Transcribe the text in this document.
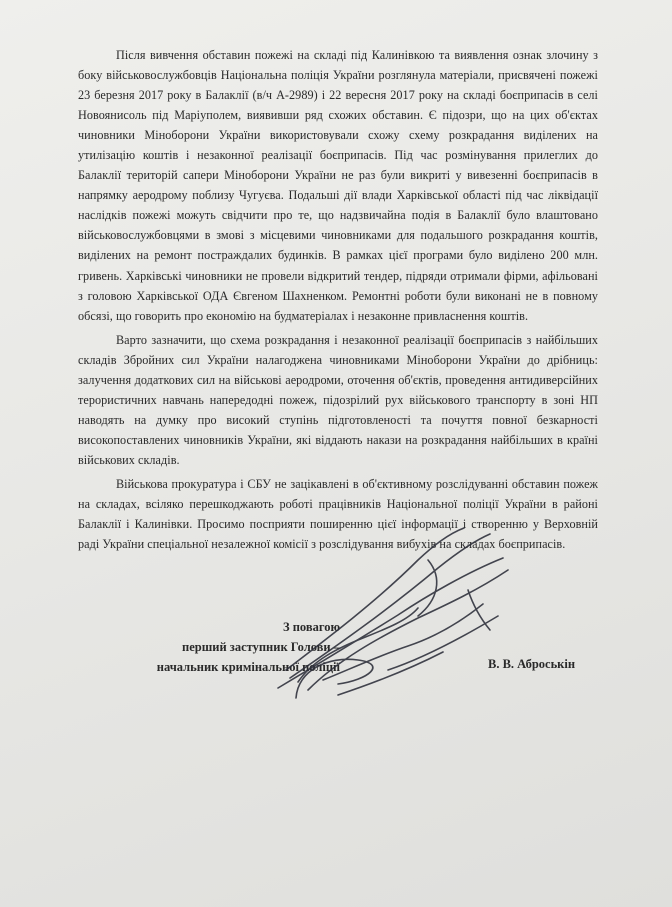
Після вивчення обставин пожежі на складі під Калинівкою та виявлення ознак злочину з боку військовослужбовців Національна поліція України розглянула матеріали, присвячені пожежі 23 березня 2017 року в Балаклії (в/ч А-2989) і 22 вересня 2017 року на складі боєприпасів в селі Новоянисоль під Маріуполем, виявивши ряд схожих обставин. Є підозри, що на цих об'єктах чиновники Міноборони України використовували схожу схему розкрадання виділених на утилізацію коштів і незаконної реалізації боєприпасів. Під час розмінування прилеглих до Балаклії територій сапери Міноборони України не раз були викриті у вивезенні боєприпасів в напрямку аеродрому поблизу Чугуєва. Подальші дії влади Харківської області під час ліквідації наслідків пожежі можуть свідчити про те, що надзвичайна подія в Балаклії було влаштовано військовослужбовцями в змові з місцевими чиновниками для подальшого розкрадання коштів, виділених на ремонт постраждалих будинків. В рамках цієї програми було виділено 200 млн. гривень. Харківські чиновники не провели відкритий тендер, підряди отримали фірми, афільовані з головою Харківської ОДА Євгеном Шахненком. Ремонтні роботи були виконані не в повному обсязі, що говорить про економію на будматеріалах і незаконне привласнення коштів.

Варто зазначити, що схема розкрадання і незаконної реалізації боєприпасів з найбільших складів Збройних сил України налагоджена чиновниками Міноборони України до дрібниць: залучення додаткових сил на військові аеродроми, оточення об'єктів, проведення антидиверсійних терористичних навчань напередодні пожеж, підозрілий рух військового транспорту в зоні НП наводять на думку про високий ступінь підготовленості та почуття повної безкарності високопоставлених чиновників України, які віддають накази на розкрадання найбільших в країні військових складів.

Військова прокуратура і СБУ не зацікавлені в об'єктивному розслідуванні обставин пожеж на складах, всіляко перешкоджають роботі працівників Національної поліції України в районі Балаклії і Калинівки. Просимо посприяти поширенню цієї інформації і створенню у Верховній раді України спеціальної незалежної комісії з розслідування вибухів на складах боєприпасів.

З повагою
перший заступник Голови –
начальник кримінальної поліції	В. В. Аброськін
